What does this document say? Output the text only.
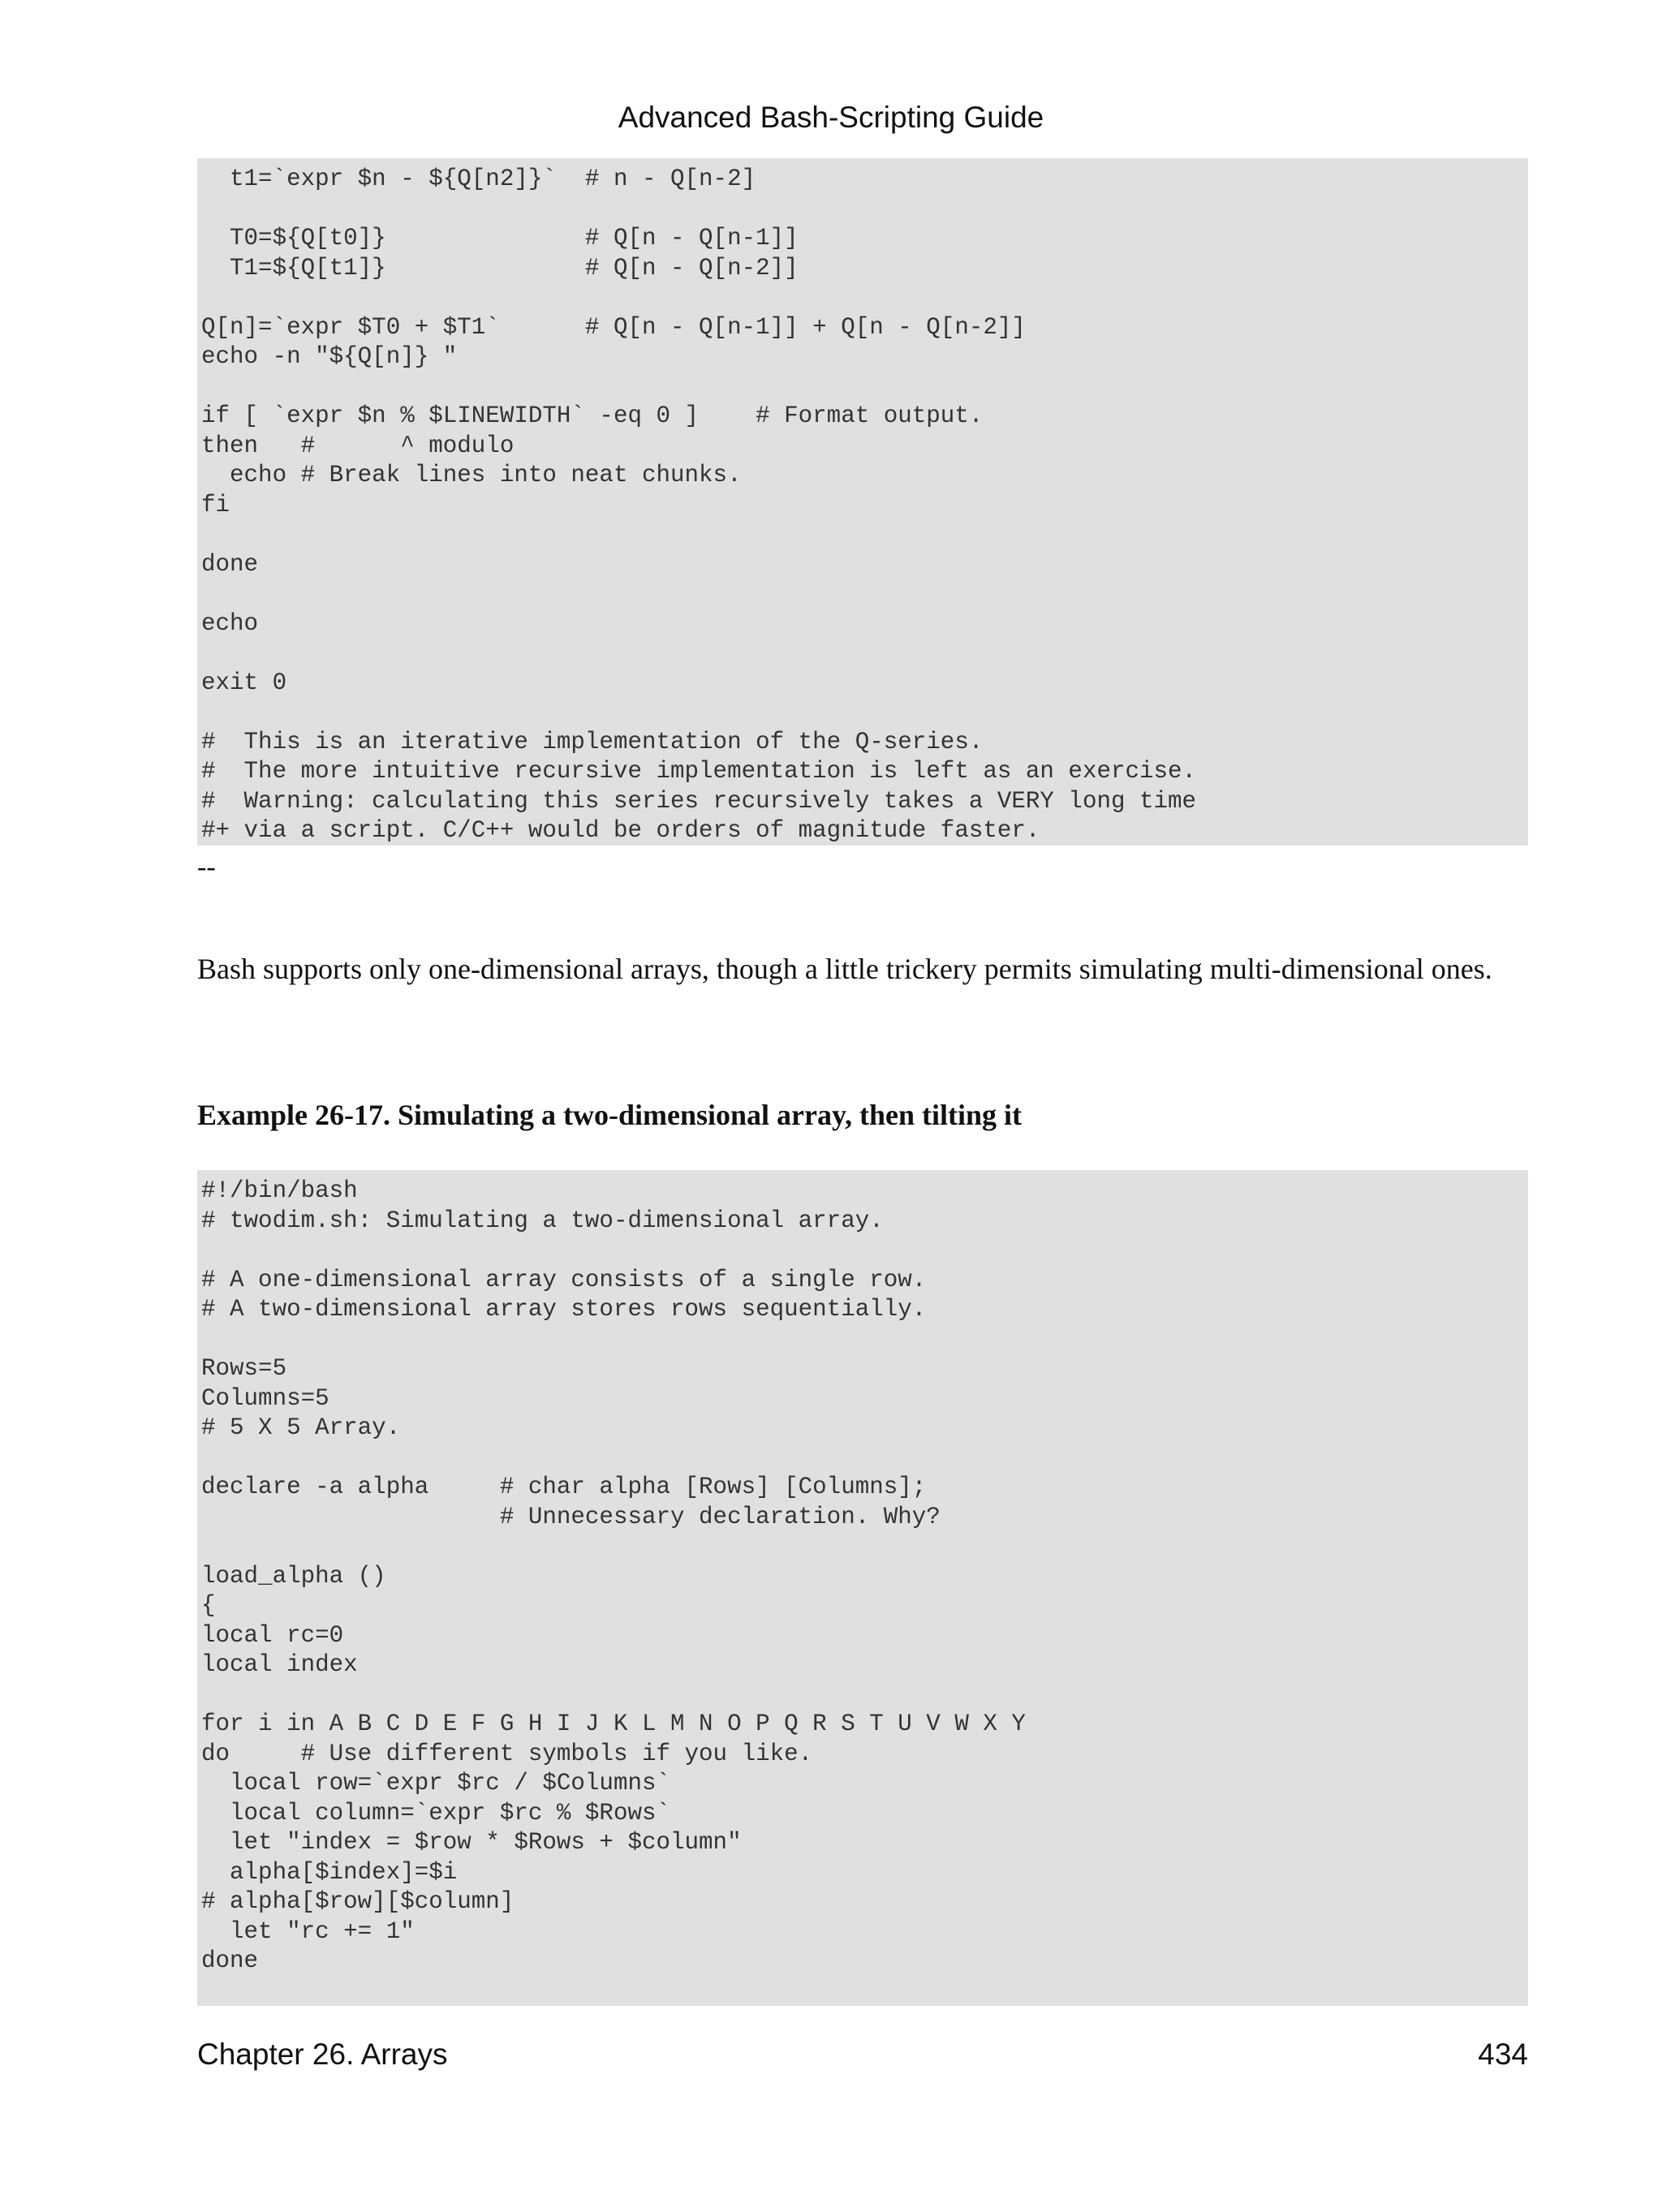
Advanced Bash-Scripting Guide
t1=`expr $n - ${Q[n2]}`  # n - Q[n-2]

T0=${Q[t0]}              # Q[n - Q[n-1]]
T1=${Q[t1]}              # Q[n - Q[n-2]]

Q[n]=`expr $T0 + $T1`      # Q[n - Q[n-1]] + Q[n - Q[n-2]]
echo -n "${Q[n]} "

if [ `expr $n % $LINEWIDTH` -eq 0 ]    # Format output.
then   #      ^ modulo
echo # Break lines into neat chunks.
fi

done

echo

exit 0

#  This is an iterative implementation of the Q-series.
#  The more intuitive recursive implementation is left as an exercise.
#  Warning: calculating this series recursively takes a VERY long time
#+ via a script. C/C++ would be orders of magnitude faster.
--

Bash supports only one-dimensional arrays, though a little trickery permits simulating multi-dimensional ones.

Example 26-17. Simulating a two-dimensional array, then tilting it

#!/bin/bash
# twodim.sh: Simulating a two-dimensional array.

# A one-dimensional array consists of a single row.
# A two-dimensional array stores rows sequentially.

Rows=5
Columns=5
# 5 X 5 Array.

declare -a alpha     # char alpha [Rows] [Columns];
# Unnecessary declaration. Why?

load_alpha ()
{
local rc=0
local index

for i in A B C D E F G H I J K L M N O P Q R S T U V W X Y
do     # Use different symbols if you like.
local row=`expr $rc / $Columns`
local column=`expr $rc % $Rows`
let "index = $row * $Rows + $column"
alpha[$index]=$i
# alpha[$row][$column]
let "rc += 1"
done
Chapter 26. Arrays	434
